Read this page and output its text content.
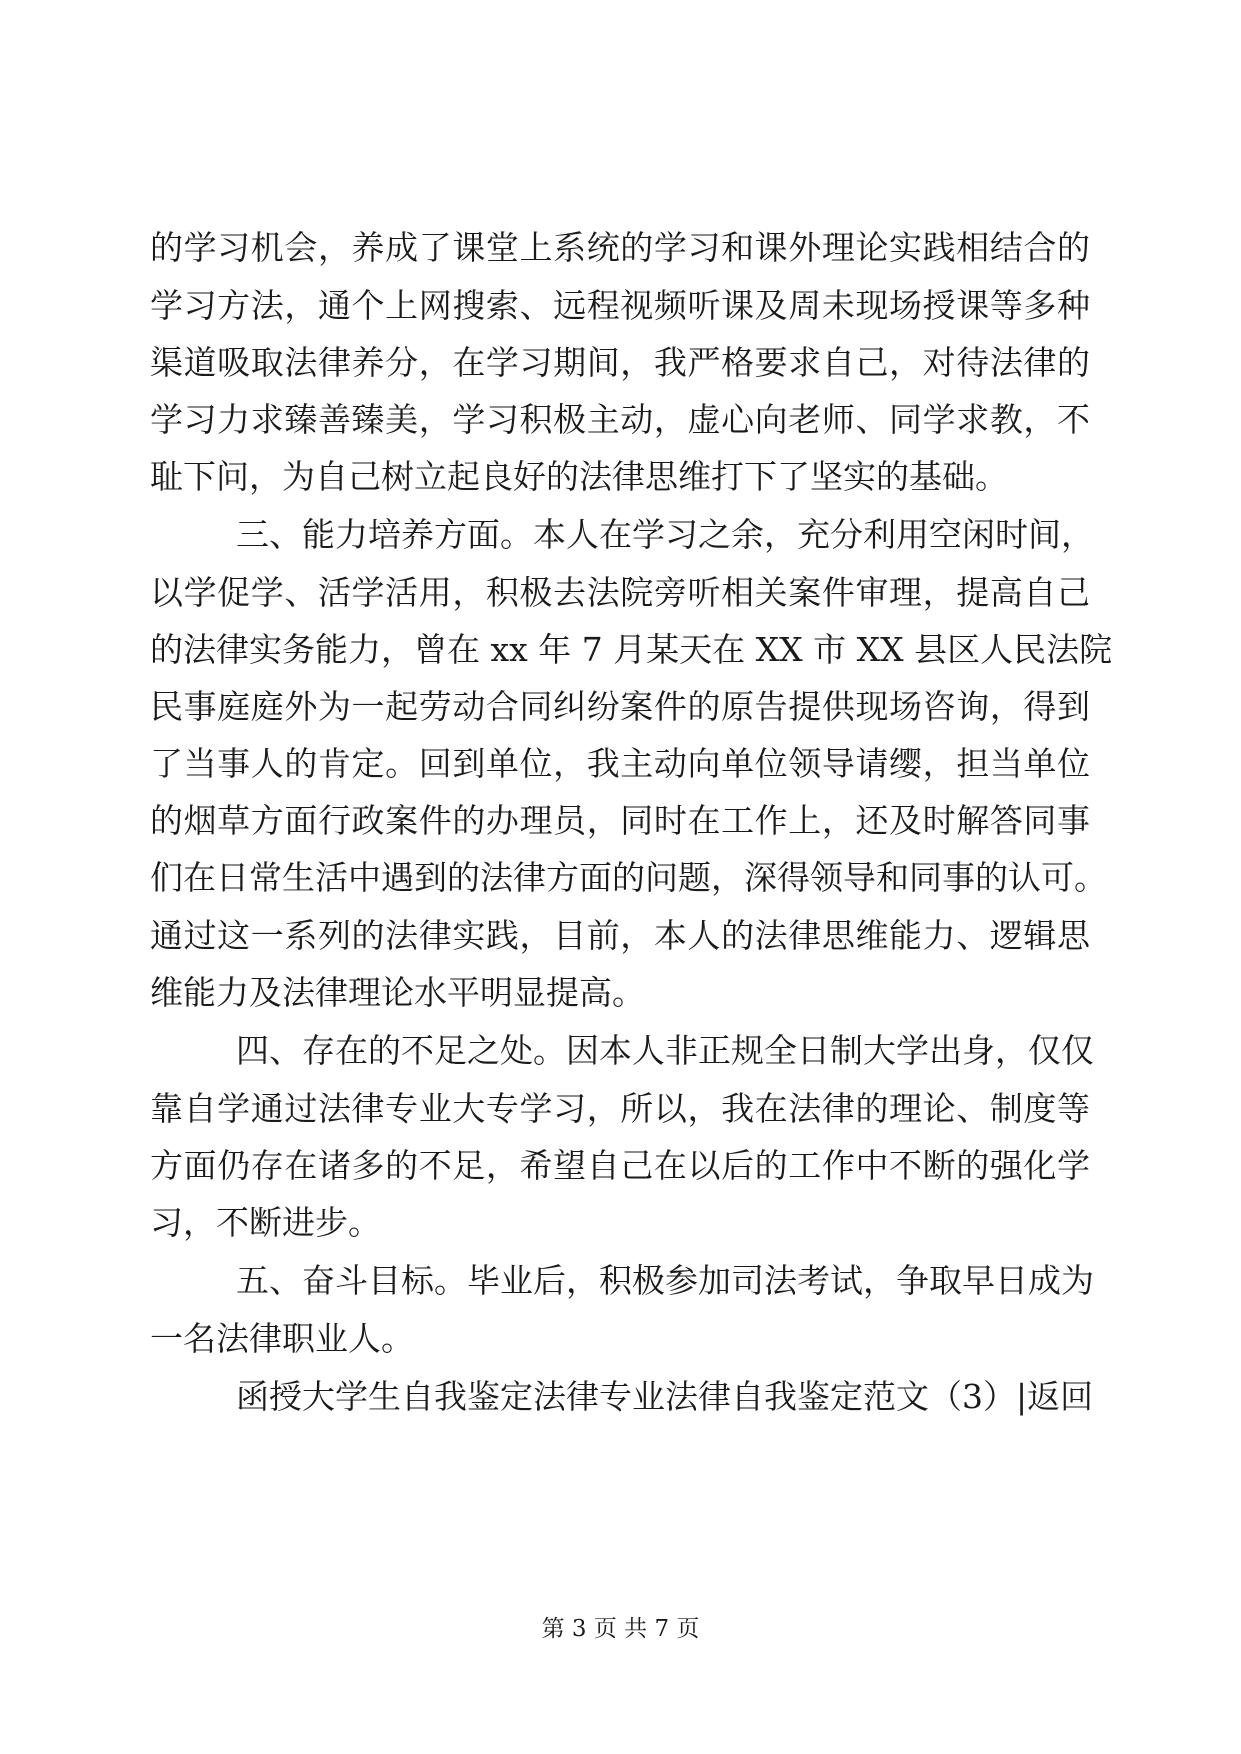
的学习机会，养成了课堂上系统的学习和课外理论实践相结合的
学习方法，通个上网搜索、远程视频听课及周未现场授课等多种
渠道吸取法律养分，在学习期间，我严格要求自己，对待法律的
学习力求臻善臻美，学习积极主动，虚心向老师、同学求教，不
耻下问，为自己树立起良好的法律思维打下了坚实的基础。
三、能力培养方面。本人在学习之余，充分利用空闲时间，
以学促学、活学活用，积极去法院旁听相关案件审理，提高自己
的法律实务能力，曾在 xx 年 7 月某天在 XX 市 XX 县区人民法院
民事庭庭外为一起劳动合同纠纷案件的原告提供现场咨询，得到
了当事人的肯定。回到单位，我主动向单位领导请缨，担当单位
的烟草方面行政案件的办理员，同时在工作上，还及时解答同事
们在日常生活中遇到的法律方面的问题，深得领导和同事的认可。
通过这一系列的法律实践，目前，本人的法律思维能力、逻辑思
维能力及法律理论水平明显提高。
四、存在的不足之处。因本人非正规全日制大学出身，仅仅
靠自学通过法律专业大专学习，所以，我在法律的理论、制度等
方面仍存在诸多的不足，希望自己在以后的工作中不断的强化学
习，不断进步。
五、奋斗目标。毕业后，积极参加司法考试，争取早日成为
一名法律职业人。
函授大学生自我鉴定法律专业法律自我鉴定范文（3）|返回
第 3 页 共 7 页
